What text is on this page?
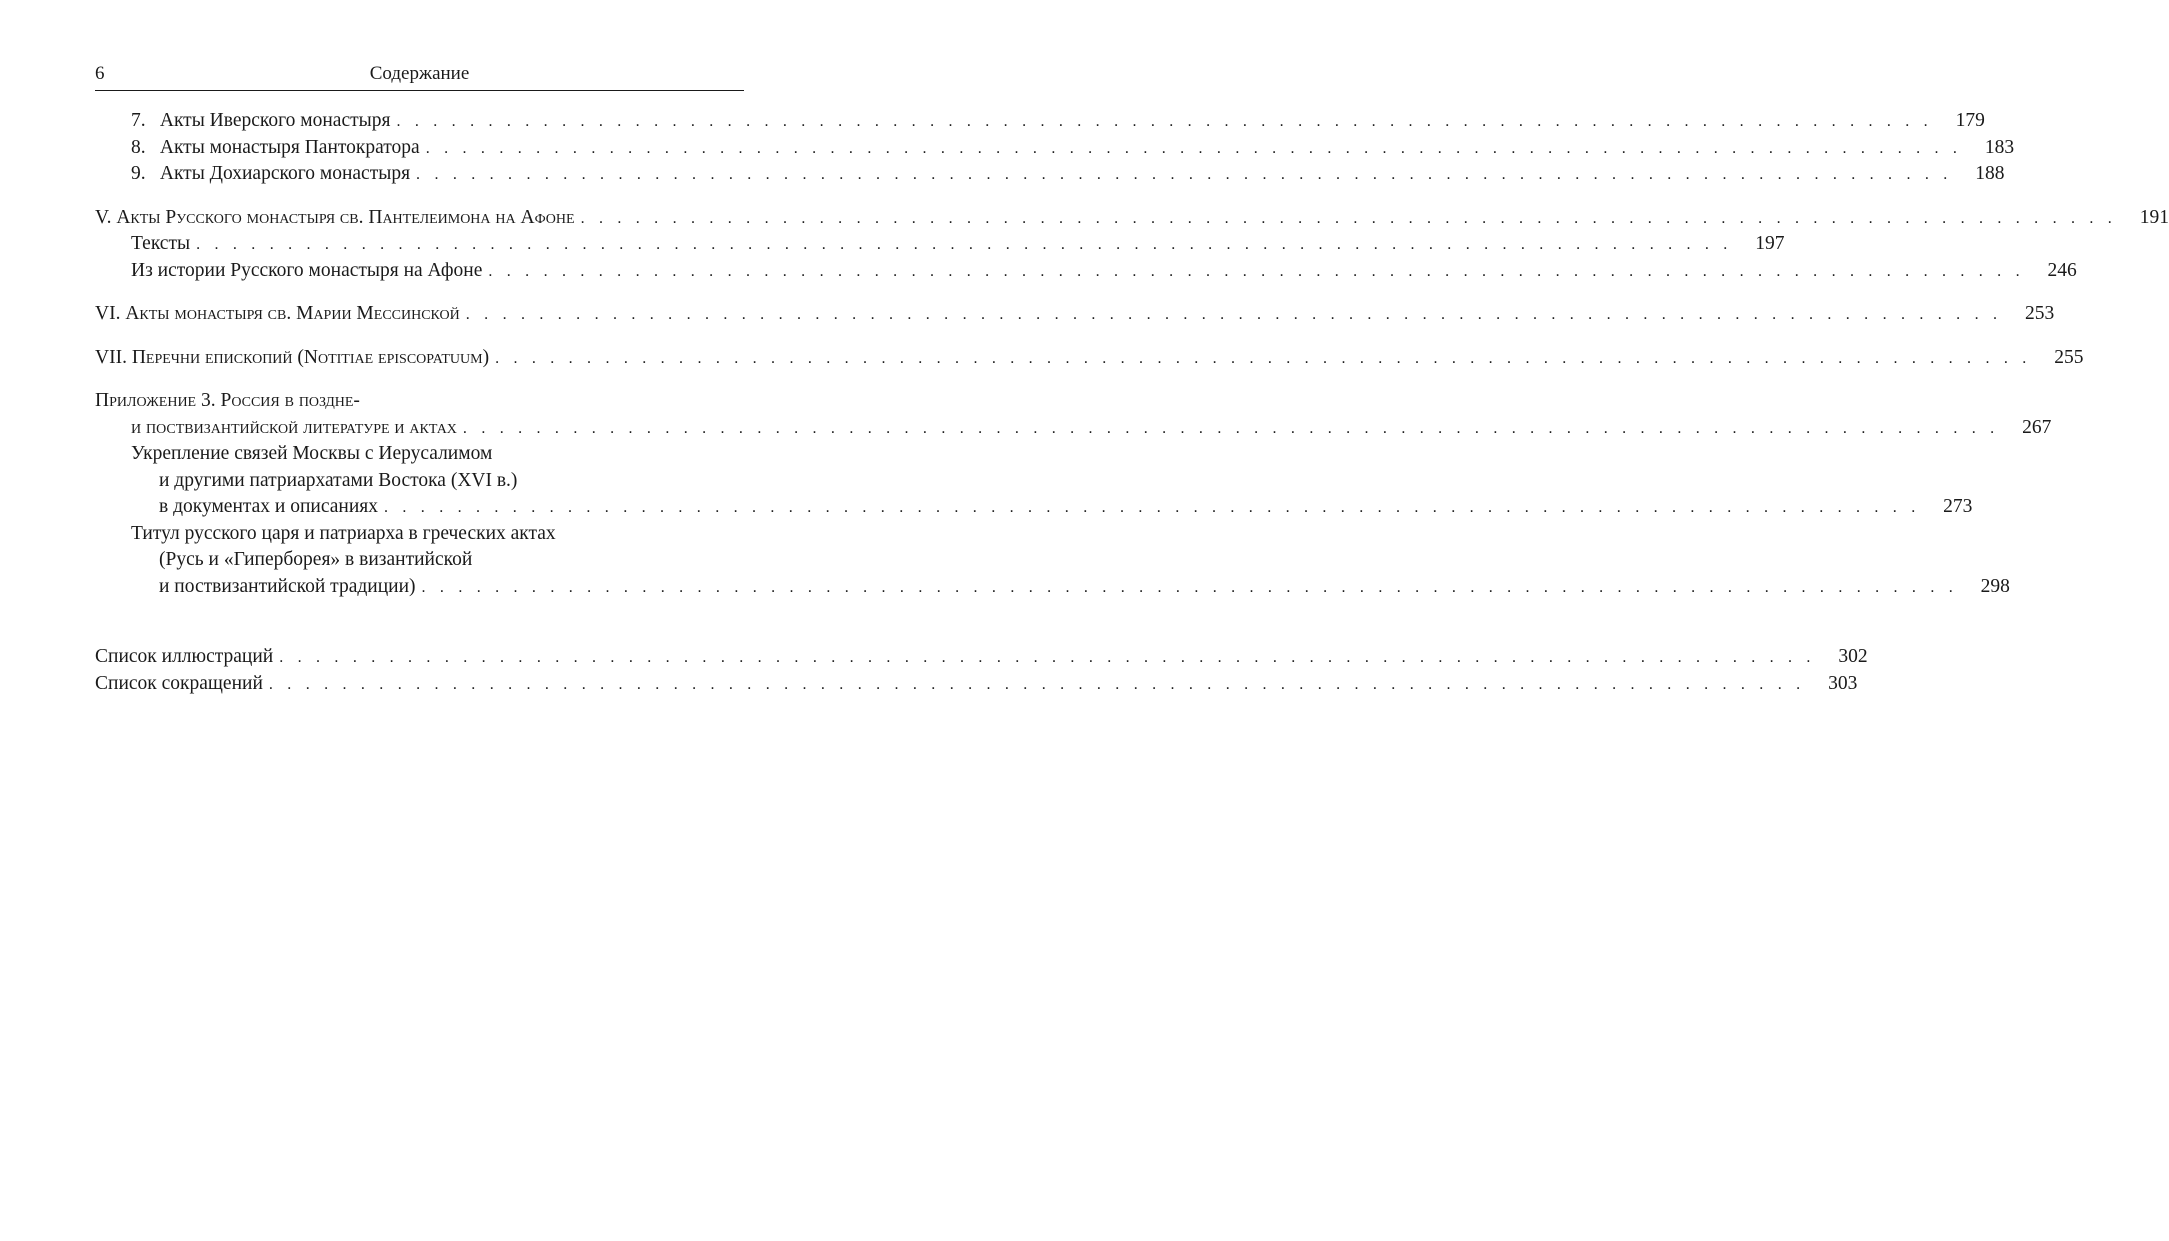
6	Содержание
7. Акты Иверского монастыря . . . . . . . . . . . . . . . . . . . . . . . . . . . . . . . . . . . . . . . . . . . . . . . . . . . . . . . . . . . . . . . . . . . . . . . . . . . . . . . . . . . .	179
8. Акты монастыря Пантократора . . . . . . . . . . . . . . . . . . . . . . . . . . . . . . . . . . . . . . . . . . . . . . . . . . . . . . . . . . . . . . . . . . . . . . . . . . . . . . . . . . . .	183
9. Акты Дохиарского монастыря . . . . . . . . . . . . . . . . . . . . . . . . . . . . . . . . . . . . . . . . . . . . . . . . . . . . . . . . . . . . . . . . . . . . . . . . . . . . . . . . . . . .	188
V. Акты Русского монастыря св. Пантелеимона на Афоне . . . . . . . . . . . . . . . . . . . . . . . . . . . . . . . . . . . . . . . . . . . . . . . . . . . . . . . . . . . . . . . . . . . . . . . . . . . . . . . . . . . .	191
Тексты . . . . . . . . . . . . . . . . . . . . . . . . . . . . . . . . . . . . . . . . . . . . . . . . . . . . . . . . . . . . . . . . . . . . . . . . . . . . . . . . . . . .	197
Из истории Русского монастыря на Афоне . . . . . . . . . . . . . . . . . . . . . . . . . . . . . . . . . . . . . . . . . . . . . . . . . . . . . . . . . . . . . . . . . . . . . . . . . . . . . . . . . . . .	246
VI. Акты монастыря св. Марии Мессинской . . . . . . . . . . . . . . . . . . . . . . . . . . . . . . . . . . . . . . . . . . . . . . . . . . . . . . . . . . . . . . . . . . . . . . . . . . . . . . . . . . . .	253
VII. Перечни епископий (Notitiae episcopatuum) . . . . . . . . . . . . . . . . . . . . . . . . . . . . . . . . . . . . . . . . . . . . . . . . . . . . . . . . . . . . . . . . . . . . . . . . . . . . . . . . . . . .	255
Приложение 3. Россия в поздне-
и поствизантийской литературе и актах . . . . . . . . . . . . . . . . . . . . . . . . . . . . . . . . . . . . . . . . . . . . . . . . . . . . . . . . . . . . . . . . . . . . . . . . . . . . . . . . . . . .	267
Укрепление связей Москвы с Иерусалимом
и другими патриархатами Востока (XVI в.)
в документах и описаниях . . . . . . . . . . . . . . . . . . . . . . . . . . . . . . . . . . . . . . . . . . . . . . . . . . . . . . . . . . . . . . . . . . . . . . . . . . . . . . . . . . . .	273
Титул русского царя и патриарха в греческих актах
(Русь и «Гиперборея» в византийской
и поствизантийской традиции) . . . . . . . . . . . . . . . . . . . . . . . . . . . . . . . . . . . . . . . . . . . . . . . . . . . . . . . . . . . . . . . . . . . . . . . . . . . . . . . . . . . .	298
Список иллюстраций . . . . . . . . . . . . . . . . . . . . . . . . . . . . . . . . . . . . . . . . . . . . . . . . . . . . . . . . . . . . . . . . . . . . . . . . . . . . . . . . . . . .	302
Список сокращений . . . . . . . . . . . . . . . . . . . . . . . . . . . . . . . . . . . . . . . . . . . . . . . . . . . . . . . . . . . . . . . . . . . . . . . . . . . . . . . . . . . .	303
